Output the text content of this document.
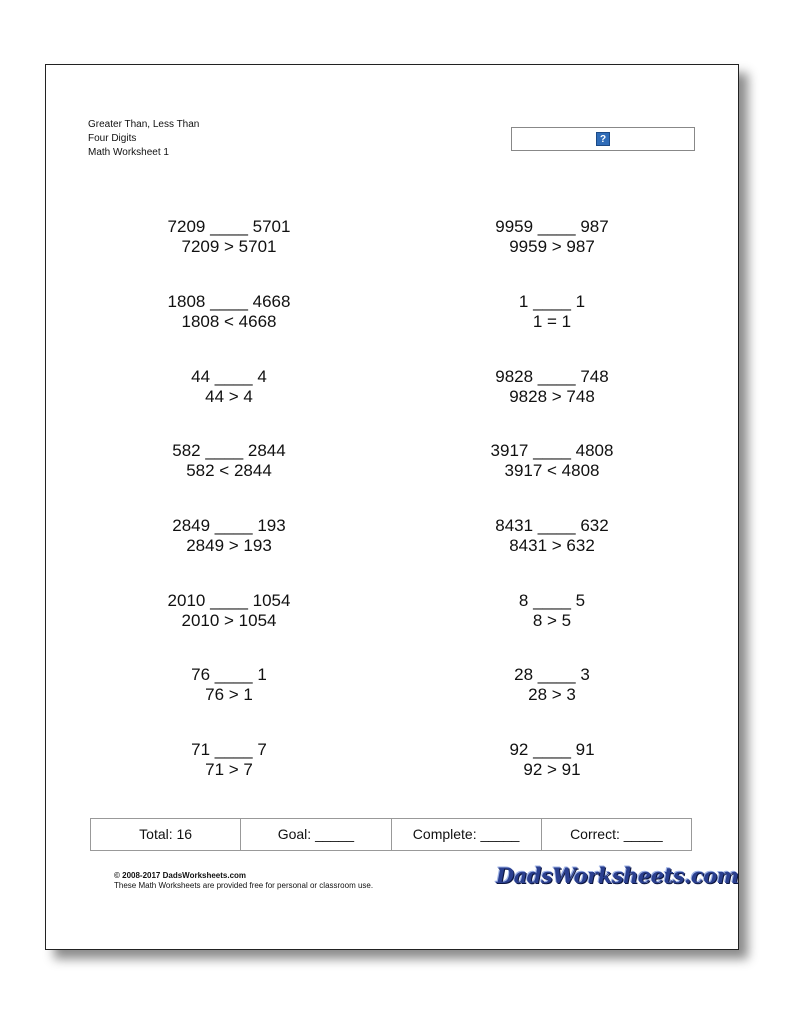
Greater Than, Less Than
Four Digits
Math Worksheet 1
?
7209 ____ 5701
7209 > 5701
9959 ____ 987
9959 > 987
1808 ____ 4668
1808 < 4668
1 ____ 1
1 = 1
44 ____ 4
44 > 4
9828 ____ 748
9828 > 748
582 ____ 2844
582 < 2844
3917 ____ 4808
3917 < 4808
2849 ____ 193
2849 > 193
8431 ____ 632
8431 > 632
2010 ____ 1054
2010 > 1054
8 ____ 5
8 > 5
76 ____ 1
76 > 1
28 ____ 3
28 > 3
71 ____ 7
71 > 7
92 ____ 91
92 > 91
Total: 16	Goal: _____	Complete: _____	Correct: _____
© 2008-2017 DadsWorksheets.com
These Math Worksheets are provided free for personal or classroom use.	DadsWorksheets.com
